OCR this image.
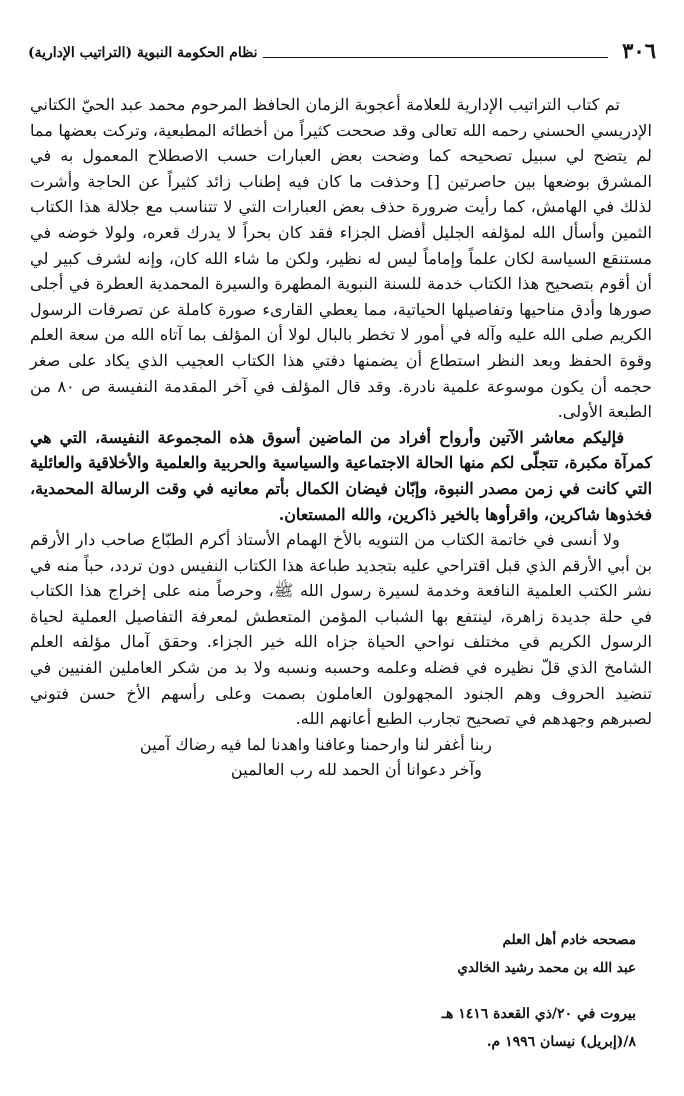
٣٠٦
نظام الحكومة النبوية (التراتيب الإدارية)

تم كتاب التراتيب الإدارية للعلامة أعجوبة الزمان الحافظ المرحوم محمد عبد الحيّ الكتاني الإدريسي الحسني رحمه الله تعالى وقد صححت كثيراً من أخطائه المطبعية، وتركت بعضها مما لم يتضح لي سبيل تصحيحه كما وضحت بعض العبارات حسب الاصطلاح المعمول به في المشرق بوضعها بين حاصرتين [] وحذفت ما كان فيه إطناب زائد كثيراً عن الحاجة وأشرت لذلك في الهامش، كما رأيت ضرورة حذف بعض العبارات التي لا تتناسب مع جلالة هذا الكتاب الثمين وأسأل الله لمؤلفه الجليل أفضل الجزاء فقد كان بحراً لا يدرك قعره، ولولا خوضه في مستنقع السياسة لكان علماً وإماماً ليس له نظير، ولكن ما شاء الله كان، وإنه لشرف كبير لي أن أقوم بتصحيح هذا الكتاب خدمة للسنة النبوية المطهرة والسيرة المحمدية العطرة في أجلى صورها وأدق مناحيها وتفاصيلها الحياتية، مما يعطي القارىء صورة كاملة عن تصرفات الرسول الكريم صلى الله عليه وآله في أمور لا تخطر بالبال لولا أن المؤلف بما آتاه الله من سعة العلم وقوة الحفظ وبعد النظر استطاع أن يضمنها دفتي هذا الكتاب العجيب الذي يكاد على صغر حجمه أن يكون موسوعة علمية نادرة. وقد قال المؤلف في آخر المقدمة النفيسة ص ٨٠ من الطبعة الأولى.

فإليكم معاشر الآتين وأرواح أفراد من الماضين أسوق هذه المجموعة النفيسة، التي هي كمرآة مكبرة، تتجلّى لكم منها الحالة الاجتماعية والسياسية والحربية والعلمية والأخلاقية والعائلية التي كانت في زمن مصدر النبوة، وإبّان فيضان الكمال بأتم معانيه في وقت الرسالة المحمدية، فخذوها شاكرين، واقرأوها بالخير ذاكرين، والله المستعان.

ولا أنسى في خاتمة الكتاب من التنويه بالأخ الهمام الأستاذ أكرم الطبّاع صاحب دار الأرقم بن أبي الأرقم الذي قبل اقتراحي عليه بتجديد طباعة هذا الكتاب النفيس دون تردد، حباً منه في نشر الكتب العلمية النافعة وخدمة لسيرة رسول الله ﷺ، وحرصاً منه على إخراج هذا الكتاب في حلة جديدة زاهرة، لينتفع بها الشباب المؤمن المتعطش لمعرفة التفاصيل العملية لحياة الرسول الكريم في مختلف نواحي الحياة جزاه الله خير الجزاء. وحقق آمال مؤلفه العلم الشامخ الذي قلّ نظيره في فضله وعلمه وحسبه ونسبه ولا بد من شكر العاملين الفنيين في تنضيد الحروف وهم الجنود المجهولون العاملون بصمت وعلى رأسهم الأخ حسن فتوني لصبرهم وجهدهم في تصحيح تجارب الطبع أعانهم الله.

ربنا أغفر لنا وارحمنا وعافنا واهدنا لما فيه رضاك آمين

وآخر دعوانا أن الحمد لله رب العالمين

مصححه خادم أهل العلم
عبد الله بن محمد رشيد الخالدي
بيروت في ٢٠/ذي القعدة ١٤١٦ هـ
٨/(إبريل) نيسان ١٩٩٦ م.
